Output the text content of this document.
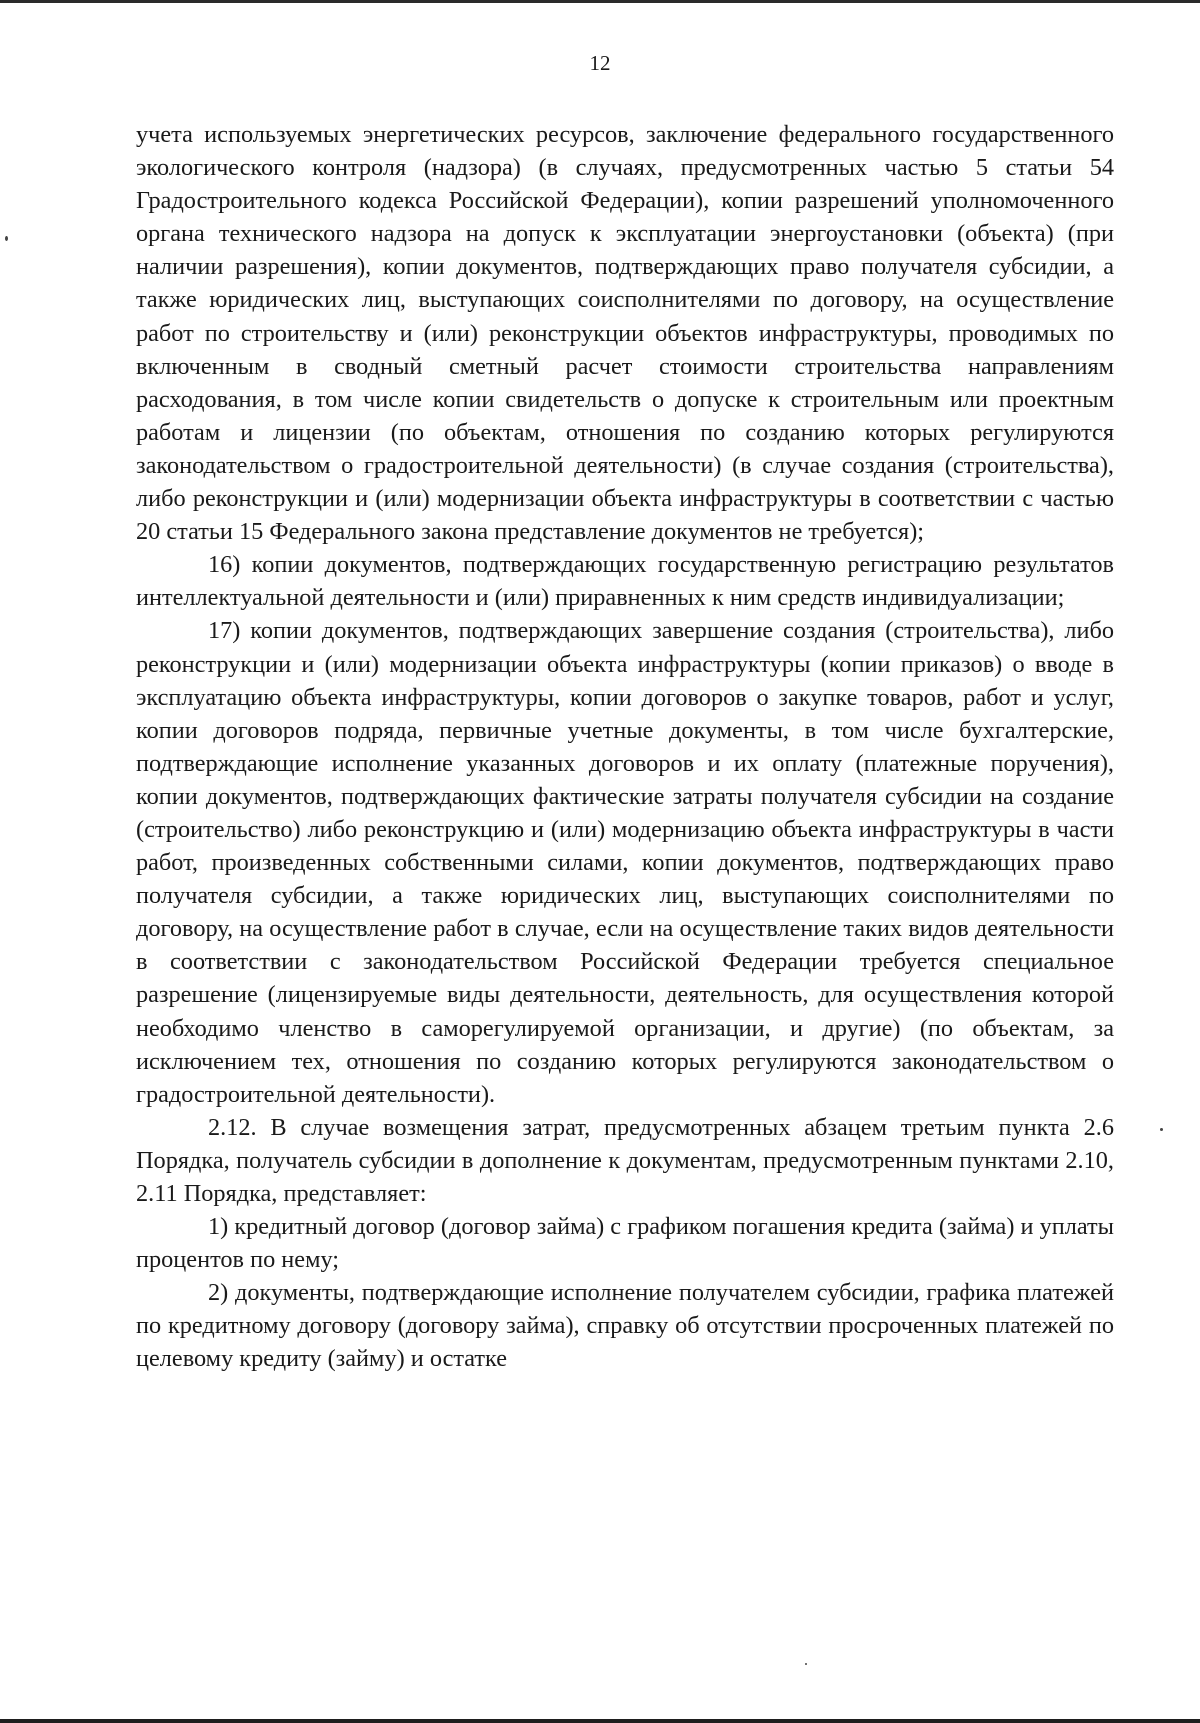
12

учета используемых энергетических ресурсов, заключение федерального государственного экологического контроля (надзора) (в случаях, предусмотренных частью 5 статьи 54 Градостроительного кодекса Российской Федерации), копии разрешений уполномоченного органа технического надзора на допуск к эксплуатации энергоустановки (объекта) (при наличии разрешения), копии документов, подтверждающих право получателя субсидии, а также юридических лиц, выступающих соисполнителями по договору, на осуществление работ по строительству и (или) реконструкции объектов инфраструктуры, проводимых по включенным в сводный сметный расчет стоимости строительства направлениям расходования, в том числе копии свидетельств о допуске к строительным или проектным работам и лицензии (по объектам, отношения по созданию которых регулируются законодательством о градостроительной деятельности) (в случае создания (строительства), либо реконструкции и (или) модернизации объекта инфраструктуры в соответствии с частью 20 статьи 15 Федерального закона представление документов не требуется);

16) копии документов, подтверждающих государственную регистрацию результатов интеллектуальной деятельности и (или) приравненных к ним средств индивидуализации;

17) копии документов, подтверждающих завершение создания (строительства), либо реконструкции и (или) модернизации объекта инфраструктуры (копии приказов) о вводе в эксплуатацию объекта инфраструктуры, копии договоров о закупке товаров, работ и услуг, копии договоров подряда, первичные учетные документы, в том числе бухгалтерские, подтверждающие исполнение указанных договоров и их оплату (платежные поручения), копии документов, подтверждающих фактические затраты получателя субсидии на создание (строительство) либо реконструкцию и (или) модернизацию объекта инфраструктуры в части работ, произведенных собственными силами, копии документов, подтверждающих право получателя субсидии, а также юридических лиц, выступающих соисполнителями по договору, на осуществление работ в случае, если на осуществление таких видов деятельности в соответствии с законодательством Российской Федерации требуется специальное разрешение (лицензируемые виды деятельности, деятельность, для осуществления которой необходимо членство в саморегулируемой организации, и другие) (по объектам, за исключением тех, отношения по созданию которых регулируются законодательством о градостроительной деятельности).

2.12. В случае возмещения затрат, предусмотренных абзацем третьим пункта 2.6 Порядка, получатель субсидии в дополнение к документам, предусмотренным пунктами 2.10, 2.11 Порядка, представляет:

1) кредитный договор (договор займа) с графиком погашения кредита (займа) и уплаты процентов по нему;

2) документы, подтверждающие исполнение получателем субсидии, графика платежей по кредитному договору (договору займа), справку об отсутствии просроченных платежей по целевому кредиту (займу) и остатке
